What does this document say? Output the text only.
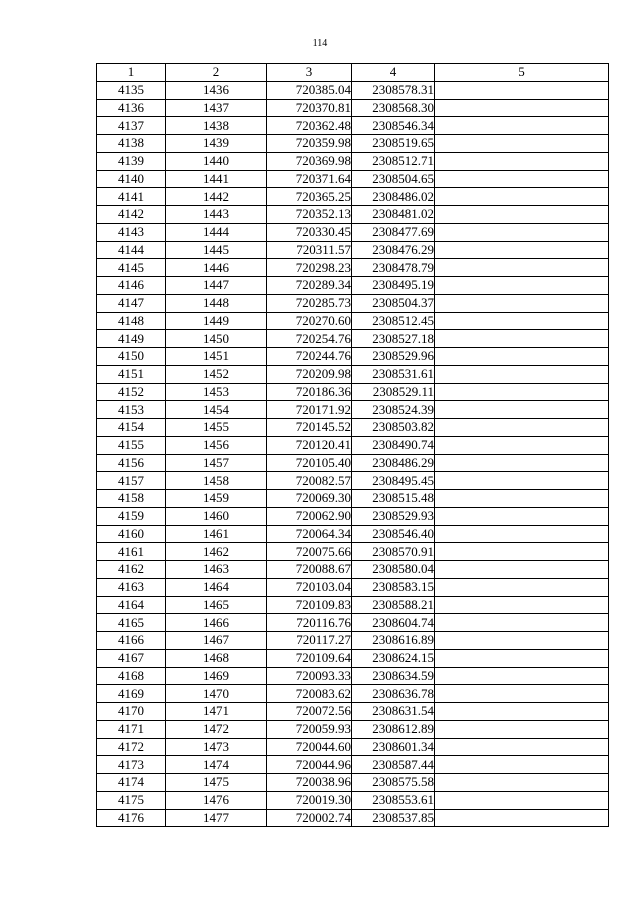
114
1	2	3	4	5
4135	1436	720385.04	2308578.31	
4136	1437	720370.81	2308568.30	
4137	1438	720362.48	2308546.34	
4138	1439	720359.98	2308519.65	
4139	1440	720369.98	2308512.71	
4140	1441	720371.64	2308504.65	
4141	1442	720365.25	2308486.02	
4142	1443	720352.13	2308481.02	
4143	1444	720330.45	2308477.69	
4144	1445	720311.57	2308476.29	
4145	1446	720298.23	2308478.79	
4146	1447	720289.34	2308495.19	
4147	1448	720285.73	2308504.37	
4148	1449	720270.60	2308512.45	
4149	1450	720254.76	2308527.18	
4150	1451	720244.76	2308529.96	
4151	1452	720209.98	2308531.61	
4152	1453	720186.36	2308529.11	
4153	1454	720171.92	2308524.39	
4154	1455	720145.52	2308503.82	
4155	1456	720120.41	2308490.74	
4156	1457	720105.40	2308486.29	
4157	1458	720082.57	2308495.45	
4158	1459	720069.30	2308515.48	
4159	1460	720062.90	2308529.93	
4160	1461	720064.34	2308546.40	
4161	1462	720075.66	2308570.91	
4162	1463	720088.67	2308580.04	
4163	1464	720103.04	2308583.15	
4164	1465	720109.83	2308588.21	
4165	1466	720116.76	2308604.74	
4166	1467	720117.27	2308616.89	
4167	1468	720109.64	2308624.15	
4168	1469	720093.33	2308634.59	
4169	1470	720083.62	2308636.78	
4170	1471	720072.56	2308631.54	
4171	1472	720059.93	2308612.89	
4172	1473	720044.60	2308601.34	
4173	1474	720044.96	2308587.44	
4174	1475	720038.96	2308575.58	
4175	1476	720019.30	2308553.61	
4176	1477	720002.74	2308537.85	
